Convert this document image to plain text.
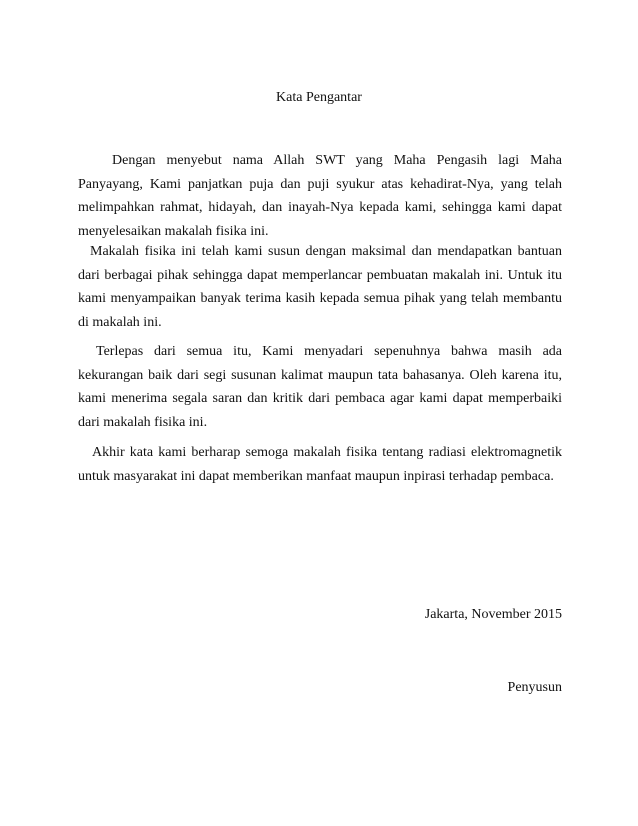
Kata Pengantar

Dengan menyebut nama Allah SWT yang Maha Pengasih lagi Maha Panyayang, Kami panjatkan puja dan puji syukur atas kehadirat-Nya, yang telah melimpahkan rahmat, hidayah, dan inayah-Nya kepada kami, sehingga kami dapat menyelesaikan makalah fisika ini.

Makalah fisika ini telah kami susun dengan maksimal dan mendapatkan bantuan dari berbagai pihak sehingga dapat memperlancar pembuatan makalah ini. Untuk itu kami menyampaikan banyak terima kasih kepada semua pihak yang telah membantu di makalah ini.

Terlepas dari semua itu, Kami menyadari sepenuhnya bahwa masih ada kekurangan baik dari segi susunan kalimat maupun tata bahasanya. Oleh karena itu, kami menerima segala saran dan kritik dari pembaca agar kami dapat memperbaiki dari makalah fisika ini.

Akhir kata kami berharap semoga makalah fisika tentang radiasi elektromagnetik untuk masyarakat ini dapat memberikan manfaat maupun inpirasi terhadap pembaca.

Jakarta, November 2015
Penyusun
